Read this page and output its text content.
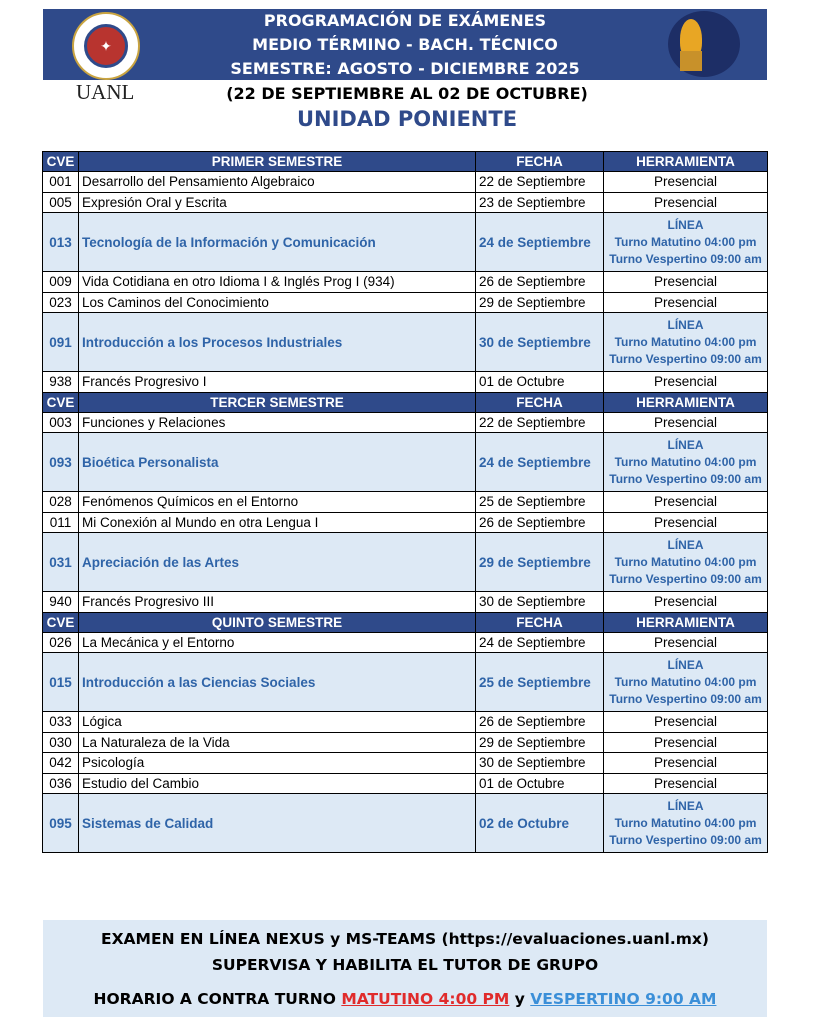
PROGRAMACIÓN DE EXÁMENES
MEDIO TÉRMINO - BACH. TÉCNICO
SEMESTRE: AGOSTO - DICIEMBRE 2025
✦
UANL	(22 DE SEPTIEMBRE AL 02 DE OCTUBRE)
UNIDAD PONIENTE
CVE	PRIMER SEMESTRE	FECHA	HERRAMIENTA
001	Desarrollo del Pensamiento Algebraico	22 de Septiembre	Presencial
005	Expresión Oral y Escrita	23 de Septiembre	Presencial
013	Tecnología de la Información y Comunicación	24 de Septiembre	LÍNEA
Turno Matutino 04:00 pm
Turno Vespertino 09:00 am

009	Vida Cotidiana en otro Idioma I & Inglés Prog I (934)	26 de Septiembre	Presencial
023	Los Caminos del Conocimiento	29 de Septiembre	Presencial
091	Introducción a los Procesos Industriales	30 de Septiembre	LÍNEA
Turno Matutino 04:00 pm
Turno Vespertino 09:00 am

938	Francés Progresivo I	01 de Octubre	Presencial
CVE	TERCER SEMESTRE	FECHA	HERRAMIENTA
003	Funciones y Relaciones	22 de Septiembre	Presencial
093	Bioética Personalista	24 de Septiembre	LÍNEA
Turno Matutino 04:00 pm
Turno Vespertino 09:00 am

028	Fenómenos Químicos en el Entorno	25 de Septiembre	Presencial
011	Mi Conexión al Mundo en otra Lengua I	26 de Septiembre	Presencial
031	Apreciación de las Artes	29 de Septiembre	LÍNEA
Turno Matutino 04:00 pm
Turno Vespertino 09:00 am

940	Francés Progresivo III	30 de Septiembre	Presencial
CVE	QUINTO SEMESTRE	FECHA	HERRAMIENTA
026	La Mecánica y el Entorno	24 de Septiembre	Presencial
015	Introducción a las Ciencias Sociales	25 de Septiembre	LÍNEA
Turno Matutino 04:00 pm
Turno Vespertino 09:00 am

033	Lógica	26 de Septiembre	Presencial
030	La Naturaleza de la Vida	29 de Septiembre	Presencial
042	Psicología	30 de Septiembre	Presencial
036	Estudio del Cambio	01 de Octubre	Presencial
095	Sistemas de Calidad	02 de Octubre	LÍNEA
Turno Matutino 04:00 pm
Turno Vespertino 09:00 am
EXAMEN EN LÍNEA NEXUS y MS-TEAMS (https://evaluaciones.uanl.mx)
SUPERVISA Y HABILITA EL TUTOR DE GRUPO
HORARIO A CONTRA TURNO MATUTINO 4:00 PM y VESPERTINO 9:00 AM
